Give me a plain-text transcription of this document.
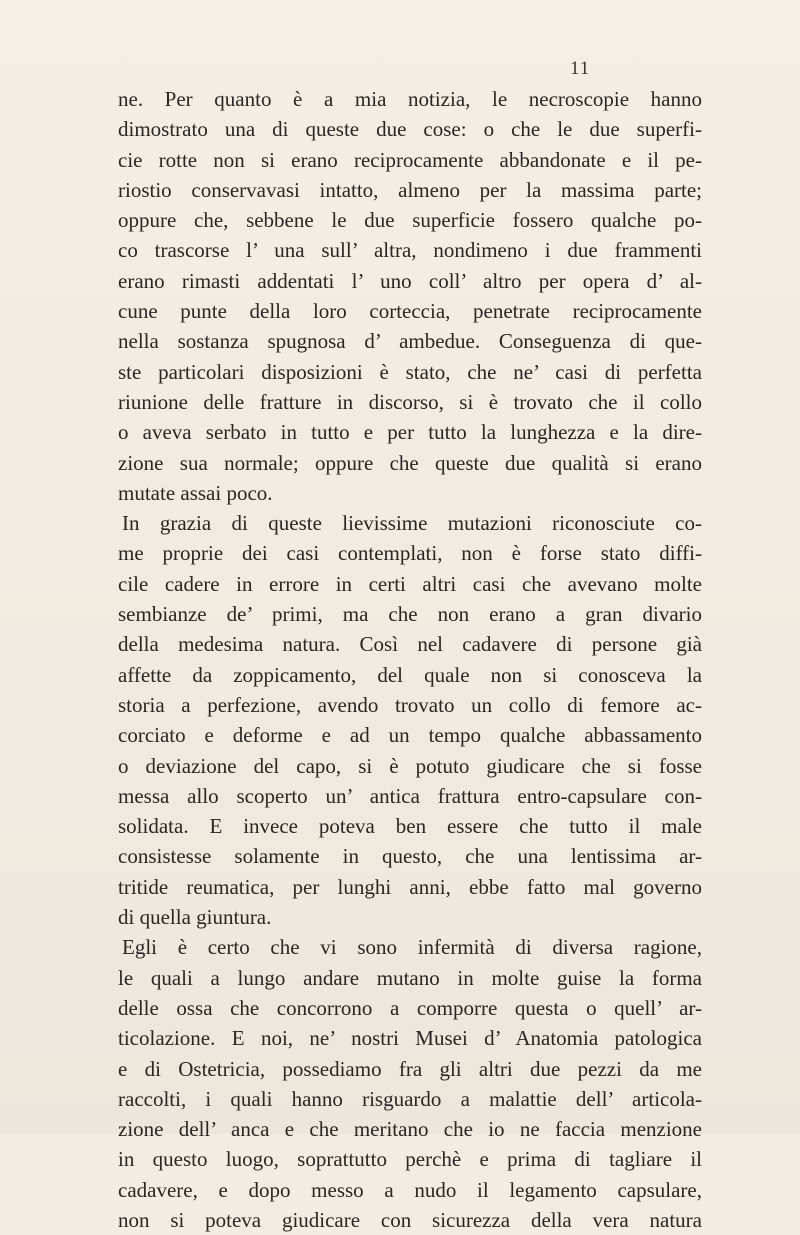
11
ne. Per quanto è a mia notizia, le necroscopie hanno
dimostrato una di queste due cose: o che le due superfi-
cie rotte non si erano reciprocamente abbandonate e il pe-
riostio conservavasi intatto, almeno per la massima parte;
oppure che, sebbene le due superficie fossero qualche po-
co trascorse l’ una sull’ altra, nondimeno i due frammenti
erano rimasti addentati l’ uno coll’ altro per opera d’ al-
cune punte della loro corteccia, penetrate reciprocamente
nella sostanza spugnosa d’ ambedue. Conseguenza di que-
ste particolari disposizioni è stato, che ne’ casi di perfetta
riunione delle fratture in discorso, si è trovato che il collo
o aveva serbato in tutto e per tutto la lunghezza e la dire-
zione sua normale; oppure che queste due qualità si erano
mutate assai poco.
In grazia di queste lievissime mutazioni riconosciute co-
me proprie dei casi contemplati, non è forse stato diffi-
cile cadere in errore in certi altri casi che avevano molte
sembianze de’ primi, ma che non erano a gran divario
della medesima natura. Così nel cadavere di persone già
affette da zoppicamento, del quale non si conosceva la
storia a perfezione, avendo trovato un collo di femore ac-
corciato e deforme e ad un tempo qualche abbassamento
o deviazione del capo, si è potuto giudicare che si fosse
messa allo scoperto un’ antica frattura entro-capsulare con-
solidata. E invece poteva ben essere che tutto il male
consistesse solamente in questo, che una lentissima ar-
tritide reumatica, per lunghi anni, ebbe fatto mal governo
di quella giuntura.
Egli è certo che vi sono infermità di diversa ragione,
le quali a lungo andare mutano in molte guise la forma
delle ossa che concorrono a comporre questa o quell’ ar-
ticolazione. E noi, ne’ nostri Musei d’ Anatomia patologica
e di Ostetricia, possediamo fra gli altri due pezzi da me
raccolti, i quali hanno risguardo a malattie dell’ articola-
zione dell’ anca e che meritano che io ne faccia menzione
in questo luogo, soprattutto perchè e prima di tagliare il
cadavere, e dopo messo a nudo il legamento capsulare,
non si poteva giudicare con sicurezza della vera natura
